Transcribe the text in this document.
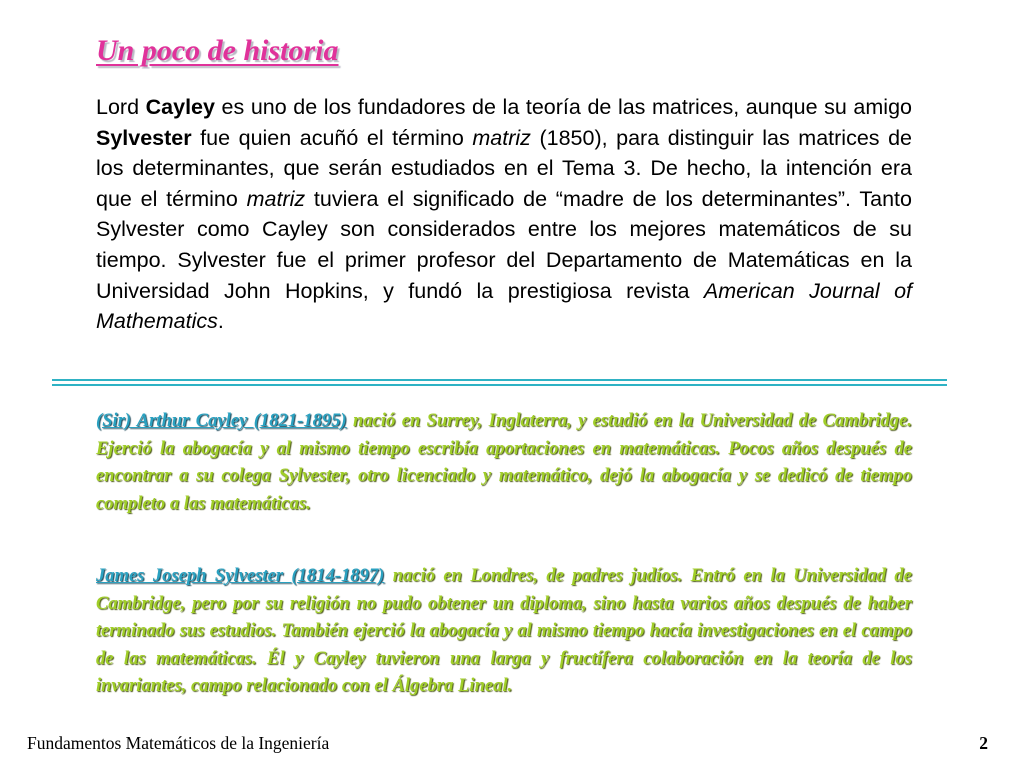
Un poco de historia

Lord Cayley es uno de los fundadores de la teoría de las matrices, aunque su amigo Sylvester fue quien acuñó el término matriz (1850), para distinguir las matrices de los determinantes, que serán estudiados en el Tema 3. De hecho, la intención era que el término matriz tuviera el significado de “madre de los determinantes”. Tanto Sylvester como Cayley son considerados entre los mejores matemáticos de su tiempo. Sylvester fue el primer profesor del Departamento de Matemáticas en la Universidad John Hopkins, y fundó la prestigiosa revista American Journal of Mathematics.

(Sir) Arthur Cayley (1821-1895) nació en Surrey, Inglaterra, y estudió en la Universidad de Cambridge. Ejerció la abogacía y al mismo tiempo escribía aportaciones en matemáticas. Pocos años después de encontrar a su colega Sylvester, otro licenciado y matemático, dejó la abogacía y se dedicó de tiempo completo a las matemáticas.

James Joseph Sylvester (1814-1897) nació en Londres, de padres judíos. Entró en la Universidad de Cambridge, pero por su religión no pudo obtener un diploma, sino hasta varios años después de haber terminado sus estudios. También ejerció la abogacía y al mismo tiempo hacía investigaciones en el campo de las matemáticas. Él y Cayley tuvieron una larga y fructífera colaboración en la teoría de los invariantes, campo relacionado con el Álgebra Lineal.

Fundamentos Matemáticos de la Ingeniería	2
